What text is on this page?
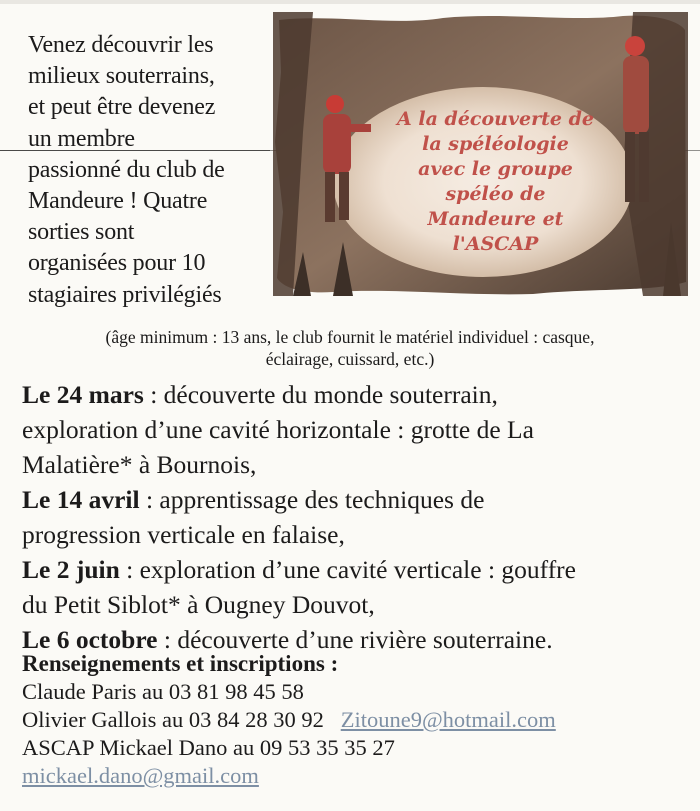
Venez découvrir les
milieux souterrains,
et peut être devenez
un membre
passionné du club de
Mandeure ! Quatre
sorties sont
organisées pour 10
stagiaires privilégiés
A la découverte de
la spéléologie
avec le groupe
spéléo de
Mandeure et
l'ASCAP
(âge minimum : 13 ans, le club fournit le matériel individuel : casque,
éclairage, cuissard, etc.)

Le 24 mars : découverte du monde souterrain,
exploration d’une cavité horizontale : grotte de La
Malatière* à Bournois,

Le 14 avril : apprentissage des techniques de
progression verticale en falaise,

Le 2 juin : exploration d’une cavité verticale : gouffre
du Petit Siblot* à Ougney Douvot,

Le 6 octobre : découverte d’une rivière souterraine.

Renseignements et inscriptions :

Claude Paris au 03 81 98 45 58

Olivier Gallois au 03 84 28 30 92 Zitoune9@hotmail.com

ASCAP Mickael Dano au 09 53 35 35 27

mickael.dano@gmail.com
